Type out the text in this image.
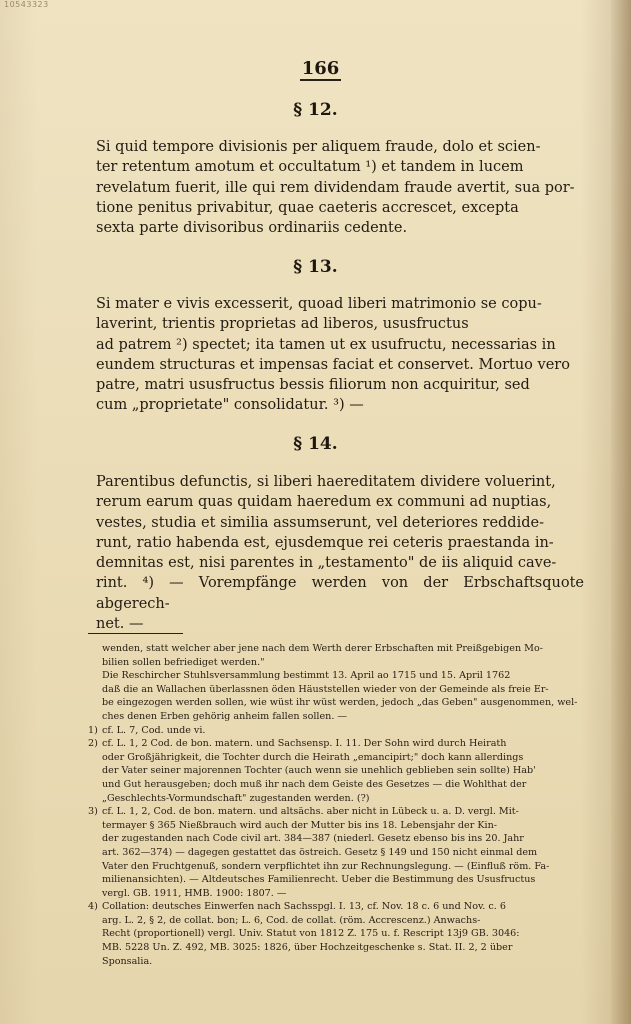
10543323
166
§ 12.

Si quid tempore divisionis per aliquem fraude, dolo et scien-

ter retentum amotum et occultatum ¹) et tandem in lucem

revelatum fuerit, ille qui rem dividendam fraude avertit, sua por-

tione penitus privabitur, quae caeteris accrescet, excepta

sexta parte divisoribus ordinariis cedente.

§ 13.

Si mater e vivis excesserit, quoad liberi matrimonio se copu-

laverint, trientis proprietas ad liberos, ususfructus

ad patrem ²) spectet; ita tamen ut ex usufructu, necessarias in

eundem structuras et impensas faciat et conservet. Mortuo vero

patre, matri ususfructus bessis filiorum non acquiritur, sed

cum „proprietate" consolidatur. ³) —

§ 14.

Parentibus defunctis, si liberi haereditatem dividere voluerint,

rerum earum quas quidam haeredum ex communi ad nuptias,

vestes, studia et similia assumserunt, vel deteriores reddide-

runt, ratio habenda est, ejusdemque rei ceteris praestanda in-

demnitas est, nisi parentes in „testamento" de iis aliquid cave-

rint. ⁴) — Vorempfänge werden von der Erbschaftsquote abgerech-

net. —

wenden, statt welcher aber jene nach dem Werth derer Erbschaften mit Preißgebigen Mo-

bilien sollen befriediget werden."

Die Reschircher Stuhlsversammlung bestimmt 13. April ao 1715 und 15. April 1762

daß die an Wallachen überlassnen öden Häuststellen wieder von der Gemeinde als freie Er-

be eingezogen werden sollen, wie wüst ihr wüst werden, jedoch „das Geben" ausgenommen, wel-

ches denen Erben gehörig anheim fallen sollen. —

1) cf. L. 7, Cod. unde vi.

2) cf. L. 1, 2 Cod. de bon. matern. und Sachsensp. I. 11. Der Sohn wird durch Heirath

oder Großjährigkeit, die Tochter durch die Heirath „emancipirt;" doch kann allerdings

der Vater seiner majorennen Tochter (auch wenn sie unehlich geblieben sein sollte) Hab'

und Gut herausgeben; doch muß ihr nach dem Geiste des Gesetzes — die Wohlthat der

„Geschlechts-Vormundschaft" zugestanden werden. (?)

3) cf. L. 1, 2, Cod. de bon. matern. und altsächs. aber nicht in Lübeck u. a. D. vergl. Mit-

termayer § 365 Nießbrauch wird auch der Mutter bis ins 18. Lebensjahr der Kin-

der zugestanden nach Code civil art. 384—387 (niederl. Gesetz ebenso bis ins 20. Jahr

art. 362—374) — dagegen gestattet das östreich. Gesetz § 149 und 150 nicht einmal dem

Vater den Fruchtgenuß, sondern verpflichtet ihn zur Rechnungslegung. — (Einfluß röm. Fa-

milienansichten). — Altdeutsches Familienrecht. Ueber die Bestimmung des Ususfructus

vergl. GB. 1911, HMB. 1900: 1807. —

4) Collation: deutsches Einwerfen nach Sachsspgl. I. 13, cf. Nov. 18 c. 6 und Nov. c. 6

arg. L. 2, § 2, de collat. bon; L. 6, Cod. de collat. (röm. Accrescenz.) Anwachs-

Recht (proportionell) vergl. Univ. Statut von 1812 Z. 175 u. f. Rescript 13j9 GB. 3046:

MB. 5228 Un. Z. 492, MB. 3025: 1826, über Hochzeitgeschenke s. Stat. II. 2, 2 über

Sponsalia.
